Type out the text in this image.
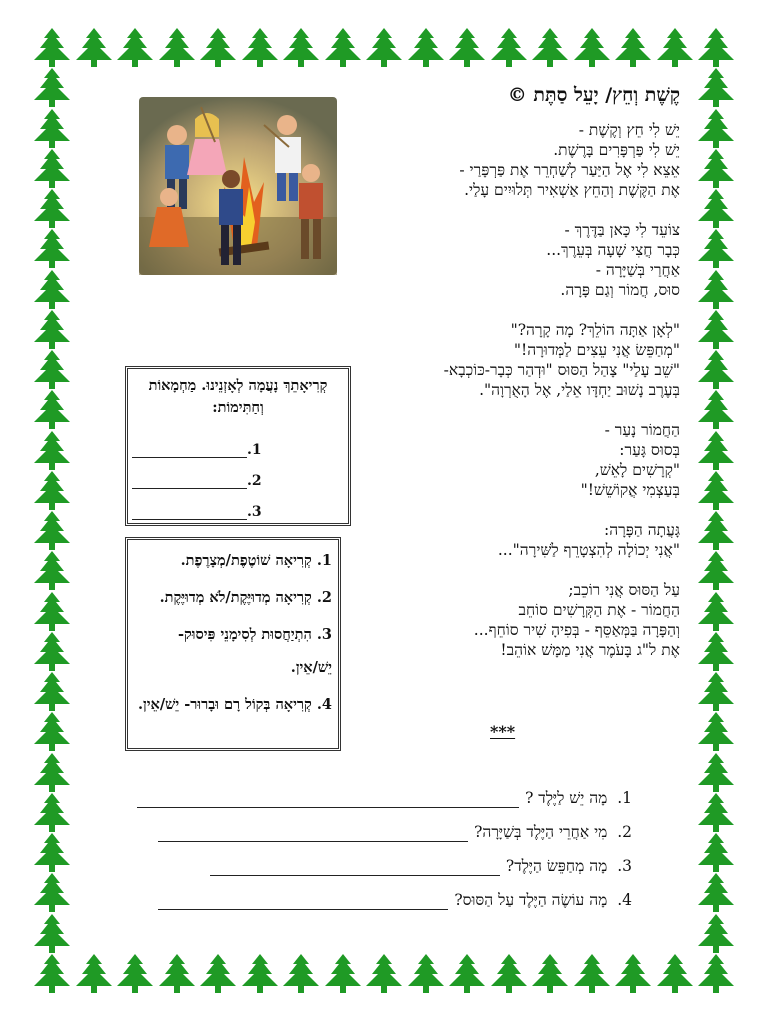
קֶשֶׁת וְחֵץ/ יָעֵל סַתֶּת ©
יֵשׁ לִי חֵץ וְקֶשֶׁת -
יֵשׁ לִי פַּרְפָּרִים בָּרֶשֶׁת.
אֵצֵא לִי אֶל הַיַּעַר לְשַׁחְרֵר אֶת פַּרְפָּרַי -
אֶת הַקֶּשֶׁת וְהַחֵץ אַשְׁאִיר תְּלוּיִים עָלַי.
צוֹעֵד לִי כָּאן בַּדֶּרֶךְ -
כְּבָר חֲצִי שָׁעָה בְּעֵרֶךְ...
אַחֲרַי בְּשַׁיָּרָה -
סוּס, חֲמוֹר וְגַם פָּרָה.
"לְאָן אַתָּה הוֹלֵךְ? מָה קָרָה?"
"מְחַפֵּשׂ אֲנִי עֵצִים לַמְּדוּרָה!"
"שֵׁב עָלַי" צָהַל הַסּוּס "וּדְהַר כְּבָר-כּוֹכְבָא-
בְּעֶרֶב נָשׁוּב יַחְדָּו אֵלַי, אֶל הָאֻרְוָה".
הַחֲמוֹר נָעַר -
בְּסוּס גָּעַר:
"קְרָשִׁים לָאֵשׁ,
בְּעַצְמִי אֲקוֹשֵׁשׁ!"
גָּעֲתָה הַפָּרָה:
"אֲנִי יְכוֹלָה לְהִצְטָרֵף לַשִּׁירָה"...
עַל הַסּוּס אֲנִי רוֹכֵב;
הַחֲמוֹר - אֶת הַקְּרָשִׁים סוֹחֵב
וְהַפָּרָה בַּמְּאַסֵּף - בְּפִיהָ שִׁיר סוֹחֵף...
אֶת ל"ג בָּעֹמֶר אֲנִי מַמָּשׁ אוֹהֵב!
קְרִיאָתֵךְ נָעֲמָה לְאָזְנֵינוּ. מַחְמָאוֹת וְחַתִּימוֹת:
1.
2.
3.
1. קְרִיאָה שׁוֹטֶפֶת/מְצָרֶפֶת.
2. קְרִיאָה מְדוּיֶּקֶת/לֹא מְדוּיֶּקֶת.
3. הִתְיַחֲסוּת לְסִימָנֵי פִּיסוּק- יֵשׁ/אֵין.
4. קְרִיאָה בְּקוֹל רָם וּבָרוּר- יֵשׁ/אֵין.
***
1.  מָה יֵשׁ לַיֶּלֶד ?
2.  מִי אַחֲרֵי הַיֶּלֶד בְּשַׁיָּרָה?
3.  מָה מְחַפֵּשׂ הַיֶּלֶד?
4.  מָה עוֹשֶׂה הַיֶּלֶד עַל הַסּוּס?
